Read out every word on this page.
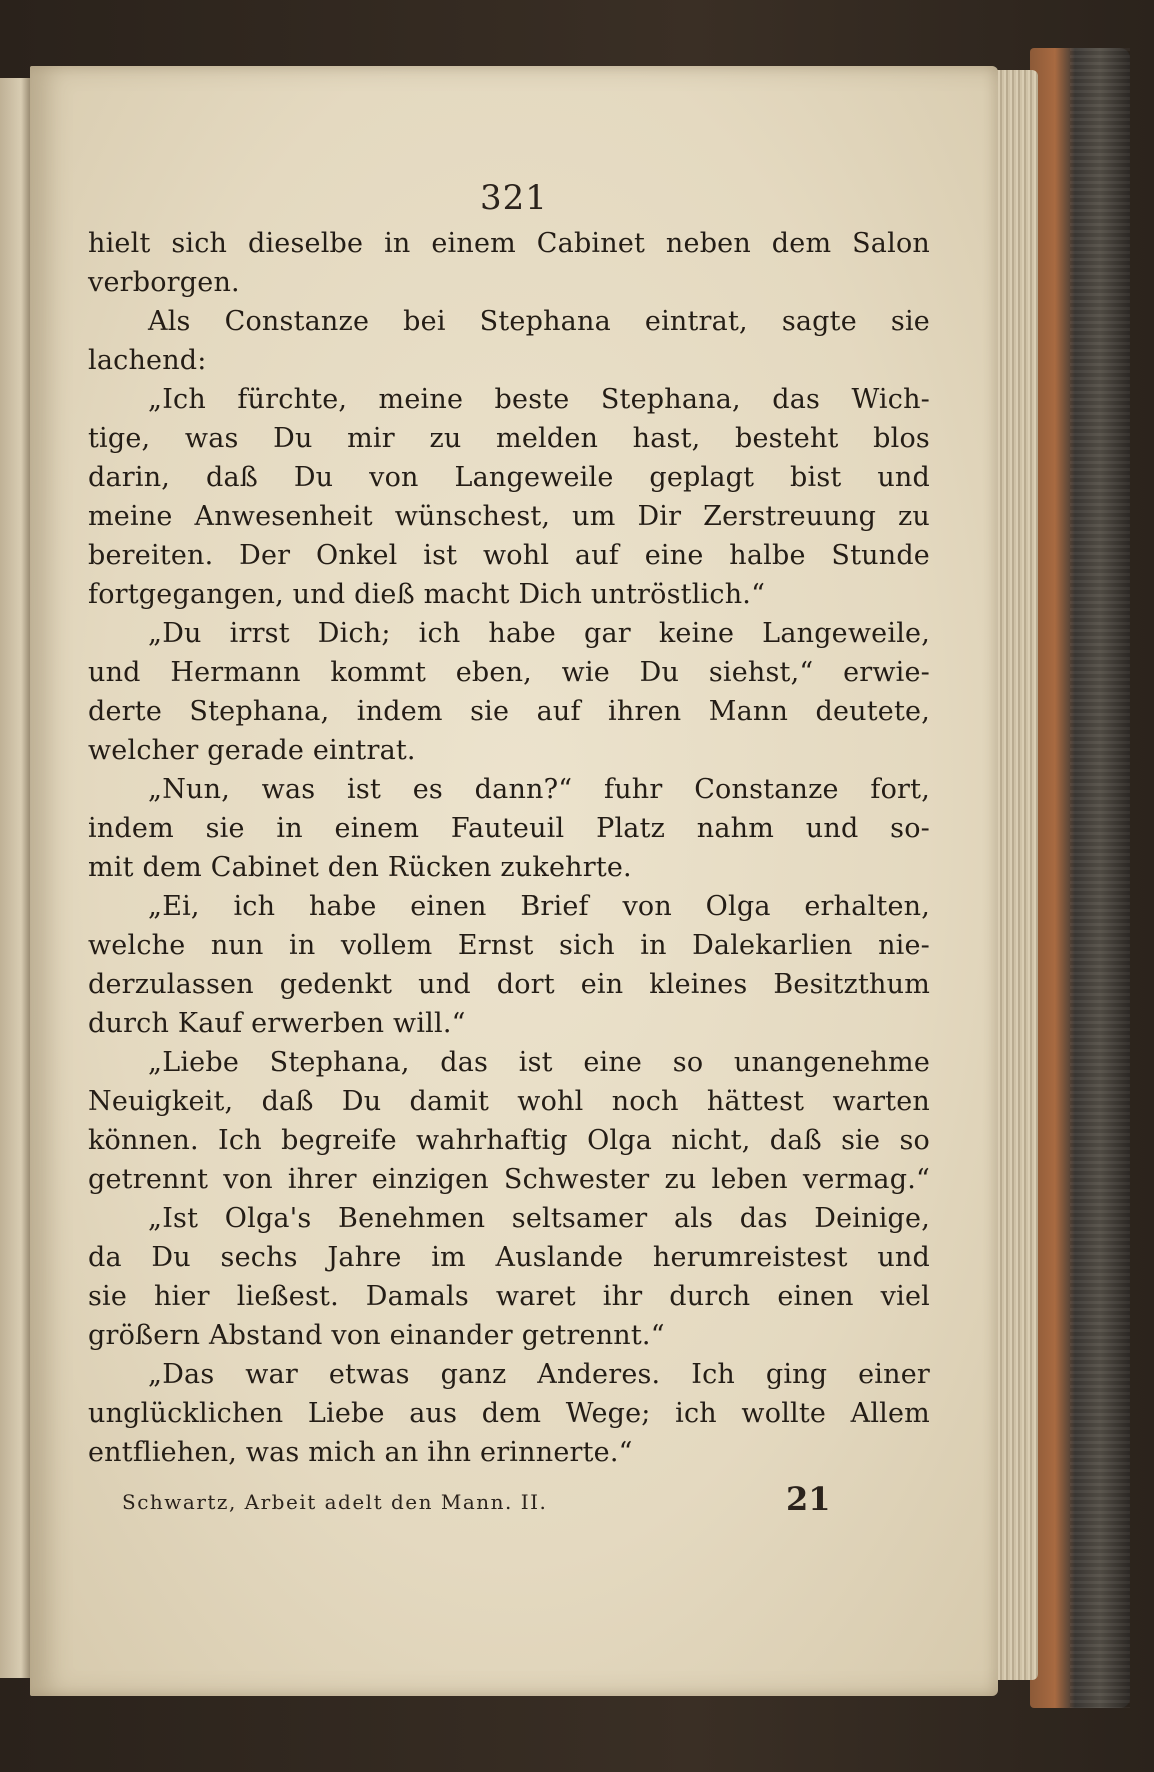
321
hielt sich dieselbe in einem Cabinet neben dem Salon
verborgen.
Als Constanze bei Stephana eintrat, sagte sie
lachend:
„Ich fürchte, meine beste Stephana, das Wich-
tige, was Du mir zu melden hast, besteht blos
darin, daß Du von Langeweile geplagt bist und
meine Anwesenheit wünschest, um Dir Zerstreuung zu
bereiten. Der Onkel ist wohl auf eine halbe Stunde
fortgegangen, und dieß macht Dich untröstlich.“
„Du irrst Dich; ich habe gar keine Langeweile,
und Hermann kommt eben, wie Du siehst,“ erwie-
derte Stephana, indem sie auf ihren Mann deutete,
welcher gerade eintrat.
„Nun, was ist es dann?“ fuhr Constanze fort,
indem sie in einem Fauteuil Platz nahm und so-
mit dem Cabinet den Rücken zukehrte.
„Ei, ich habe einen Brief von Olga erhalten,
welche nun in vollem Ernst sich in Dalekarlien nie-
derzulassen gedenkt und dort ein kleines Besitzthum
durch Kauf erwerben will.“
„Liebe Stephana, das ist eine so unangenehme
Neuigkeit, daß Du damit wohl noch hättest warten
können. Ich begreife wahrhaftig Olga nicht, daß sie so
getrennt von ihrer einzigen Schwester zu leben vermag.“
„Ist Olga's Benehmen seltsamer als das Deinige,
da Du sechs Jahre im Auslande herumreistest und
sie hier ließest. Damals waret ihr durch einen viel
größern Abstand von einander getrennt.“
„Das war etwas ganz Anderes. Ich ging einer
unglücklichen Liebe aus dem Wege; ich wollte Allem
entfliehen, was mich an ihn erinnerte.“
Schwartz, Arbeit adelt den Mann. II.	21
